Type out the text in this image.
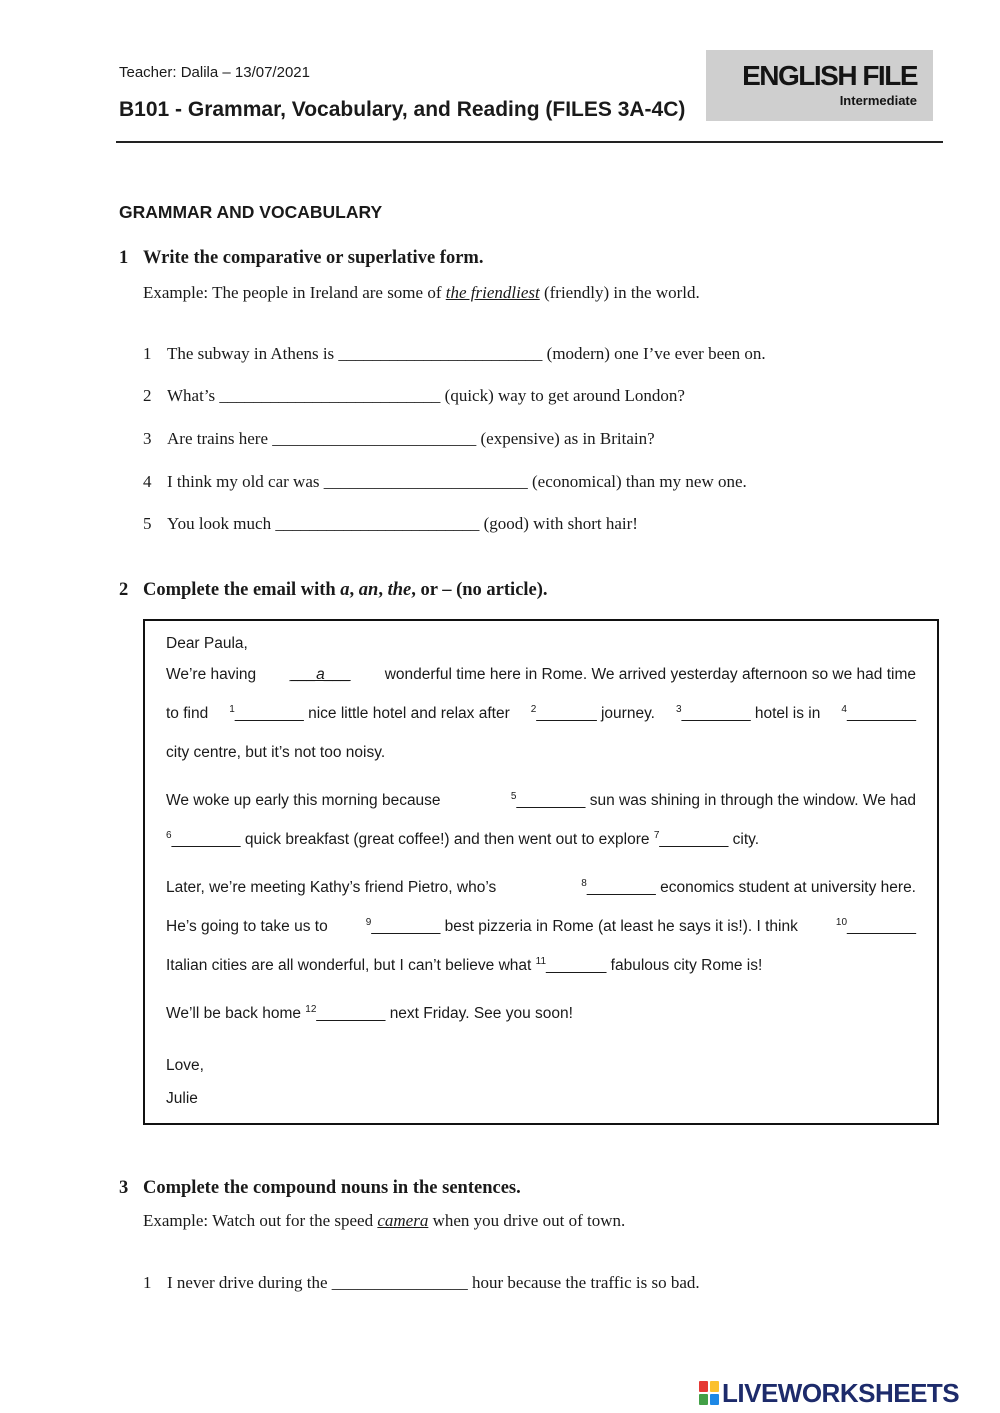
Teacher: Dalila – 13/07/2021
B101 - Grammar, Vocabulary, and Reading (FILES 3A-4C)
ENGLISH FILE
Intermediate
GRAMMAR AND VOCABULARY
1 Write the comparative or superlative form.
Example: The people in Ireland are some of the friendliest (friendly) in the world.
1 The subway in Athens is ________________________ (modern) one I’ve ever been on.
2 What’s __________________________ (quick) way to get around London?
3 Are trains here ________________________ (expensive) as in Britain?
4 I think my old car was ________________________ (economical) than my new one.
5 You look much ________________________ (good) with short hair!
2 Complete the email with a, an, the, or – (no article).
Dear Paula,
We’re having ___a___ wonderful time here in Rome. We arrived yesterday afternoon so we had time
to find $^1$________ nice little hotel and relax after $^2$_______ journey. $^3$________ hotel is in $^4$________
city centre, but it’s not too noisy.
We woke up early this morning because	$^5$________ sun was shining in through the window. We had
$^6$________ quick breakfast (great coffee!) and then went out to explore $^7$________ city.
Later, we’re meeting Kathy’s friend Pietro, who’s	$^8$________ economics student at university here.
He’s going to take us to	$^9$________ best pizzeria in Rome (at least he says it is!). I think	$^{10}$________
Italian cities are all wonderful, but I can’t believe what $^{11}$_______ fabulous city Rome is!
We’ll be back home $^{12}$________ next Friday. See you soon!
Love,
Julie
3 Complete the compound nouns in the sentences.
Example: Watch out for the speed camera when you drive out of town.
1 I never drive during the ________________ hour because the traffic is so bad.
LIVEWORKSHEETS
